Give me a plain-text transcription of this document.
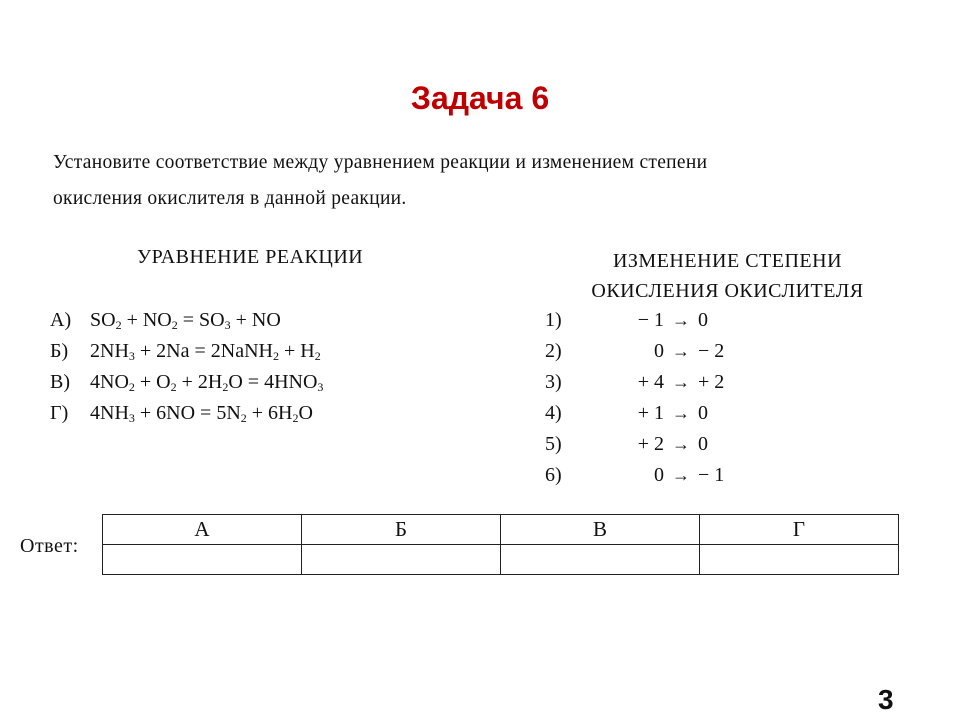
Задача 6

Установите соответствие между уравнением реакции и изменением степени

окисления окислителя в данной реакции.

УРАВНЕНИЕ РЕАКЦИИ	ИЗМЕНЕНИЕ СТЕПЕНИ
ОКИСЛЕНИЯ ОКИСЛИТЕЛЯ
А) $SO_2 + NO_2 = SO_3$ + NO
Б) $2NH_3 + 2Na$ = 2NaNH$_2$ + $H_2$
В) $4NO_2 + O_2 + 2H_2O = 4HNO_3$
Г) $4NH_3 + 6NO = 5N_2 + 6H_2O$
1)	− 1 → 0
2)	0 → − 2
3)	+ 4 → + 2
4)	+ 1 → 0
5)	+ 2 → 0
6)	0 → − 1
Ответ:
А	Б	В	Г

3
